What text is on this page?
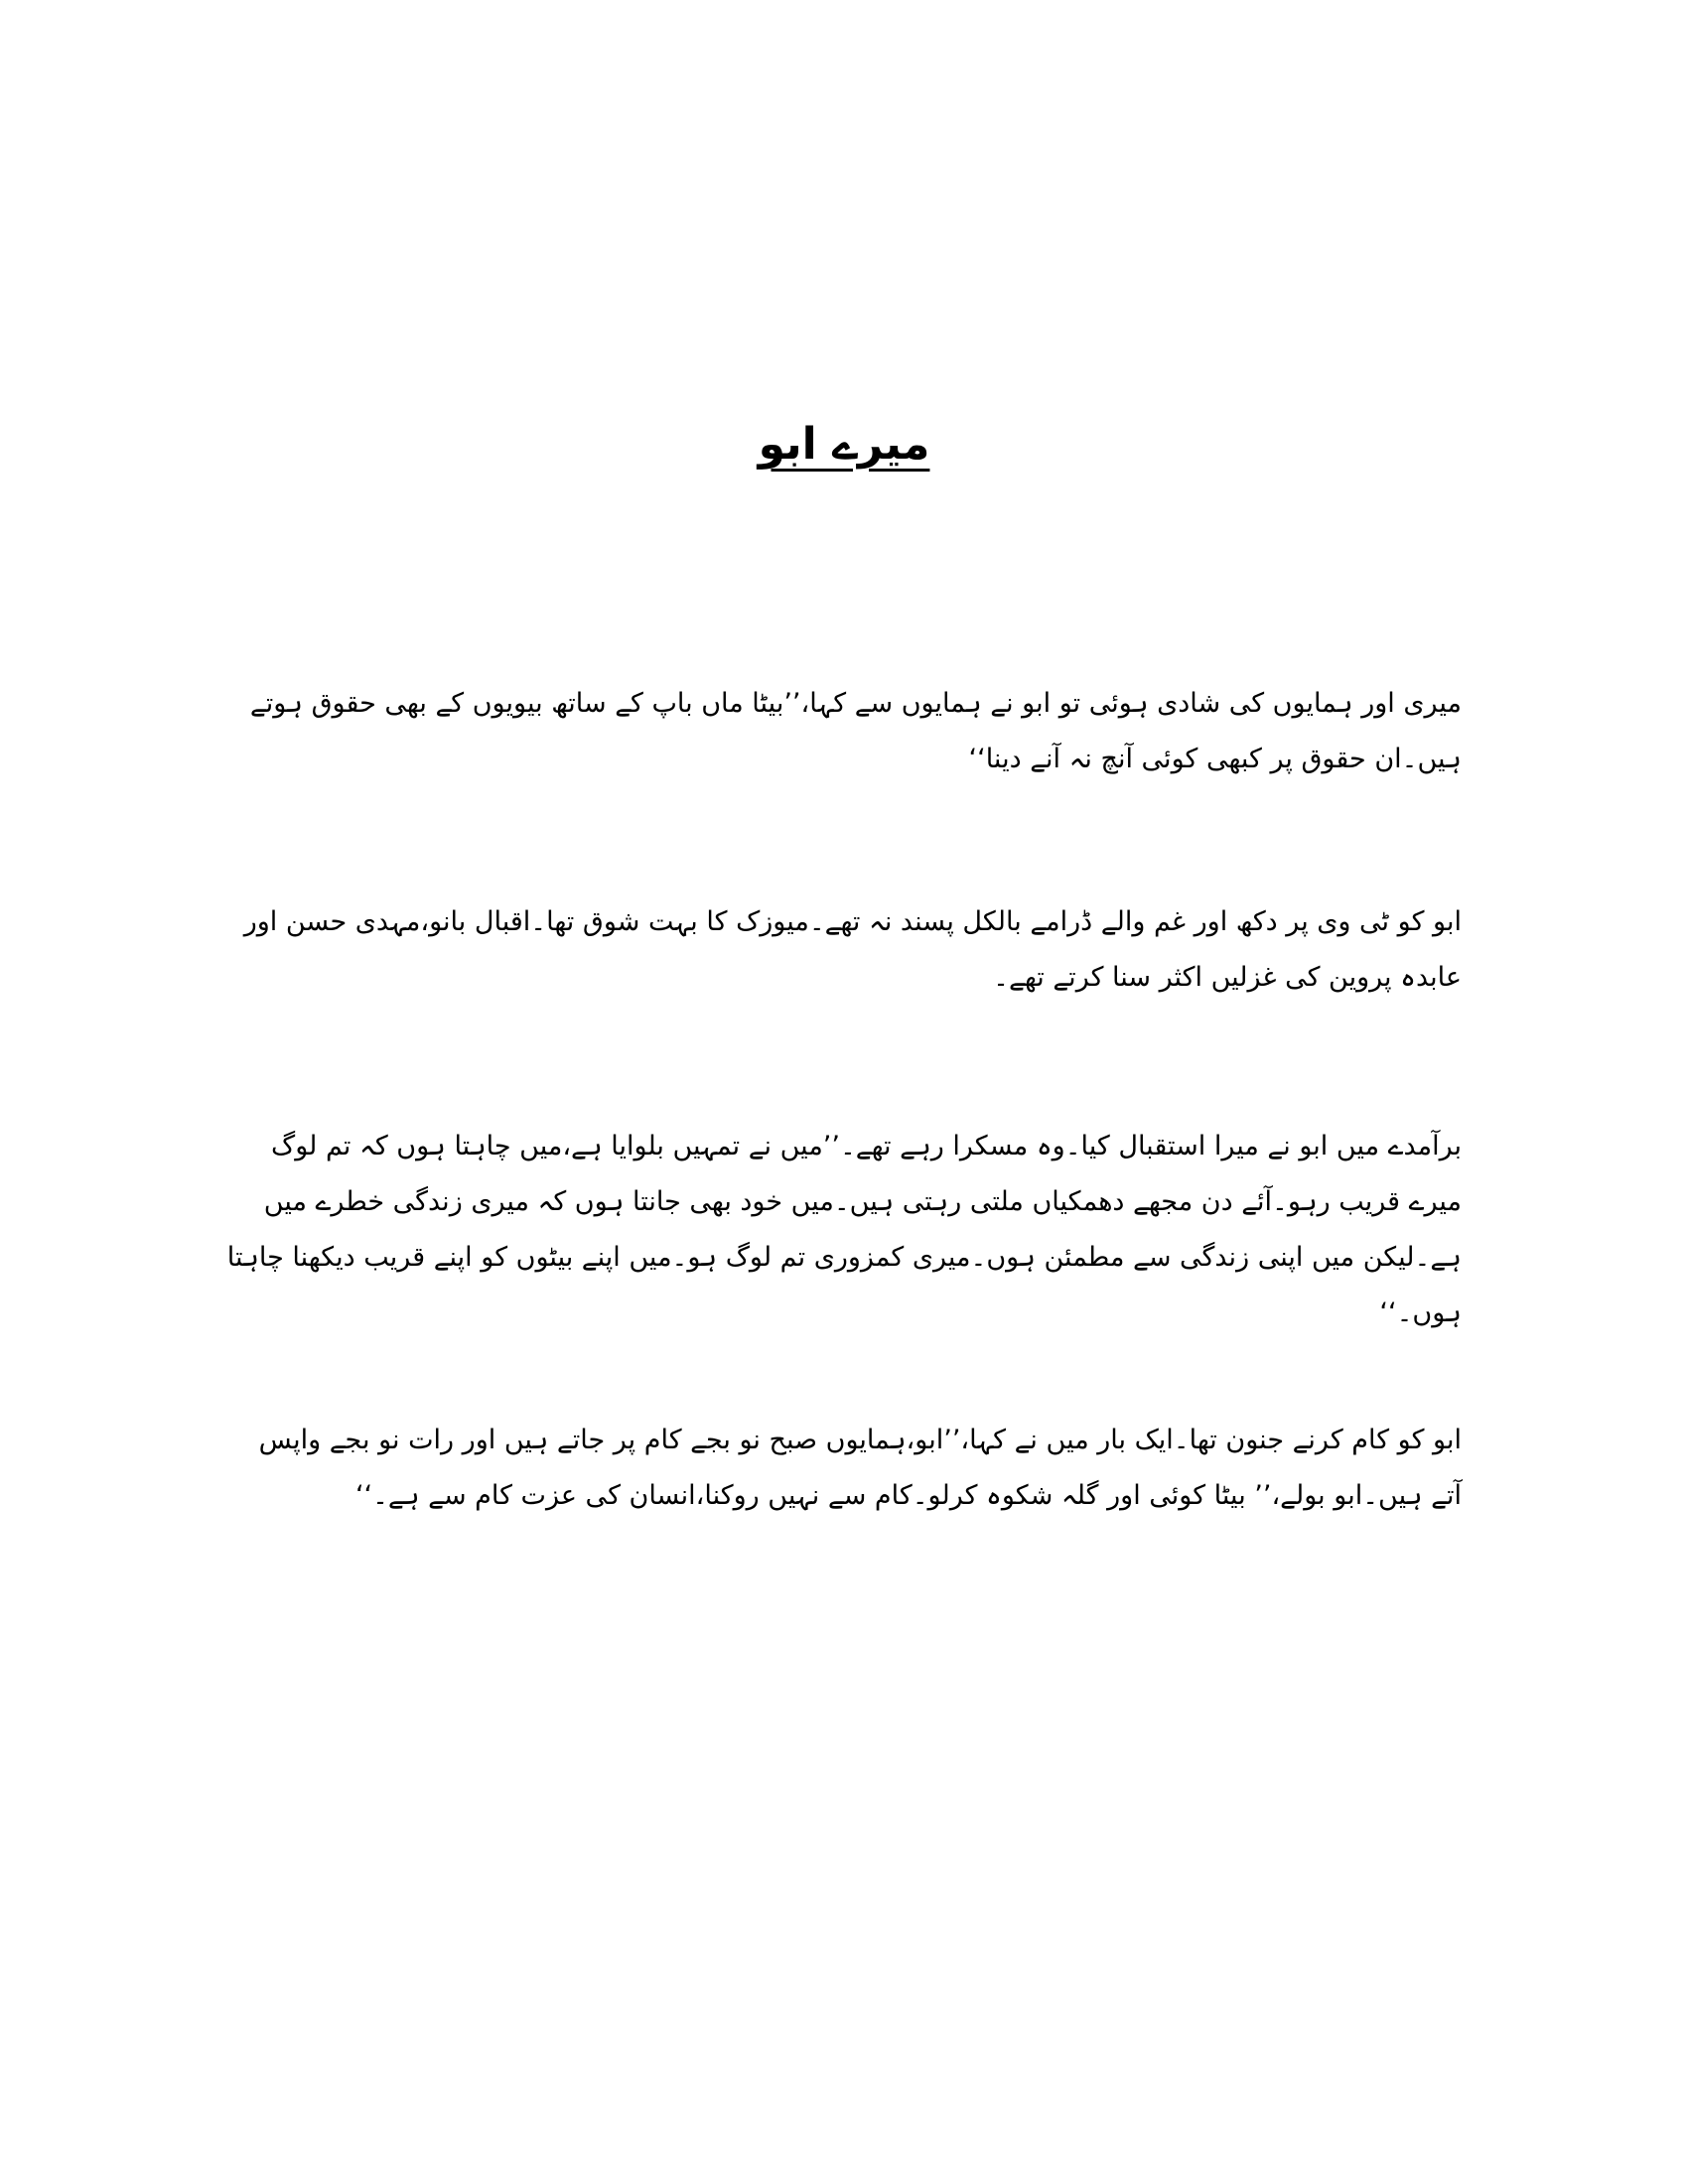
میرے ابو

میری اور ہمایوں کی شادی ہوئی تو ابو نے ہمایوں سے کہا،’’بیٹا ماں باپ کے ساتھ بیویوں کے بھی حقوق ہوتے ہیں۔ان حقوق پر کبھی کوئی آنچ نہ آنے دینا‘‘

ابو کو ٹی وی پر دکھ اور غم والے ڈرامے بالکل پسند نہ تھے۔میوزک کا بہت شوق تھا۔اقبال بانو،مہدی حسن اور عابدہ پروین کی غزلیں اکثر سنا کرتے تھے۔

برآمدے میں ابو نے میرا استقبال کیا۔وہ مسکرا رہے تھے۔’’میں نے تمہیں بلوایا ہے،میں چاہتا ہوں کہ تم لوگ میرے قریب رہو۔آئے دن مجھے دھمکیاں ملتی رہتی ہیں۔میں خود بھی جانتا ہوں کہ میری زندگی خطرے میں ہے۔لیکن میں اپنی زندگی سے مطمئن ہوں۔میری کمزوری تم لوگ ہو۔میں اپنے بیٹوں کو اپنے قریب دیکھنا چاہتا ہوں۔‘‘

ابو کو کام کرنے جنون تھا۔ایک بار میں نے کہا،’’ابو،ہمایوں صبح نو بجے کام پر جاتے ہیں اور رات نو بجے واپس آتے ہیں۔ابو بولے،’’ بیٹا کوئی اور گلہ شکوہ کرلو۔کام سے نہیں روکنا،انسان کی عزت کام سے ہے۔‘‘
